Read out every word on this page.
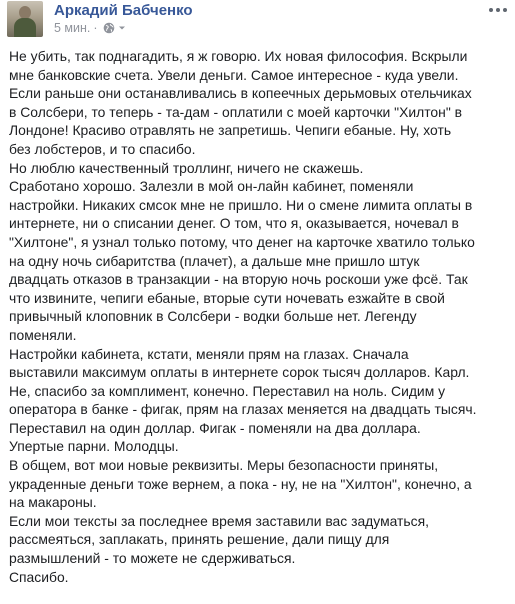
Аркадий Бабченко
5 мин. ·

Не убить, так поднагадить, я ж говорю. Их новая философия. Вскрыли

мне банковские счета. Увели деньги. Самое интересное - куда увели.

Если раньше они останавливались в копеечных дерьмовых отельчиках

в Солсбери, то теперь - та-дам - оплатили с моей карточки "Хилтон" в

Лондоне! Красиво отравлять не запретишь. Чепиги ебаные. Ну, хоть

без лобстеров, и то спасибо.

Но люблю качественный троллинг, ничего не скажешь.

Сработано хорошо. Залезли в мой он-лайн кабинет, поменяли

настройки. Никаких смсок мне не пришло. Ни о смене лимита оплаты в

интернете, ни о списании денег. О том, что я, оказывается, ночевал в

"Хилтоне", я узнал только потому, что денег на карточке хватило только

на одну ночь сибаритства (плачет), а дальше мне пришло штук

двадцать отказов в транзакции - на вторую ночь роскоши уже фсё. Так

что извините, чепиги ебаные, вторые сути ночевать езжайте в свой

привычный клоповник в Солсбери - водки больше нет. Легенду

поменяли.

Настройки кабинета, кстати, меняли прям на глазах. Сначала

выставили максимум оплаты в интернете сорок тысяч долларов. Карл.

Не, спасибо за комплимент, конечно. Переставил на ноль. Сидим у

оператора в банке - фигак, прям на глазах меняется на двадцать тысяч.

Переставил на один доллар. Фигак - поменяли на два доллара.

Упертые парни. Молодцы.

В общем, вот мои новые реквизиты. Меры безопасности приняты,

украденные деньги тоже вернем, а пока - ну, не на "Хилтон", конечно, а

на макароны.

Если мои тексты за последнее время заставили вас задуматься,

рассмеяться, заплакать, принять решение, дали пищу для

размышлений - то можете не сдерживаться.

Спасибо.
